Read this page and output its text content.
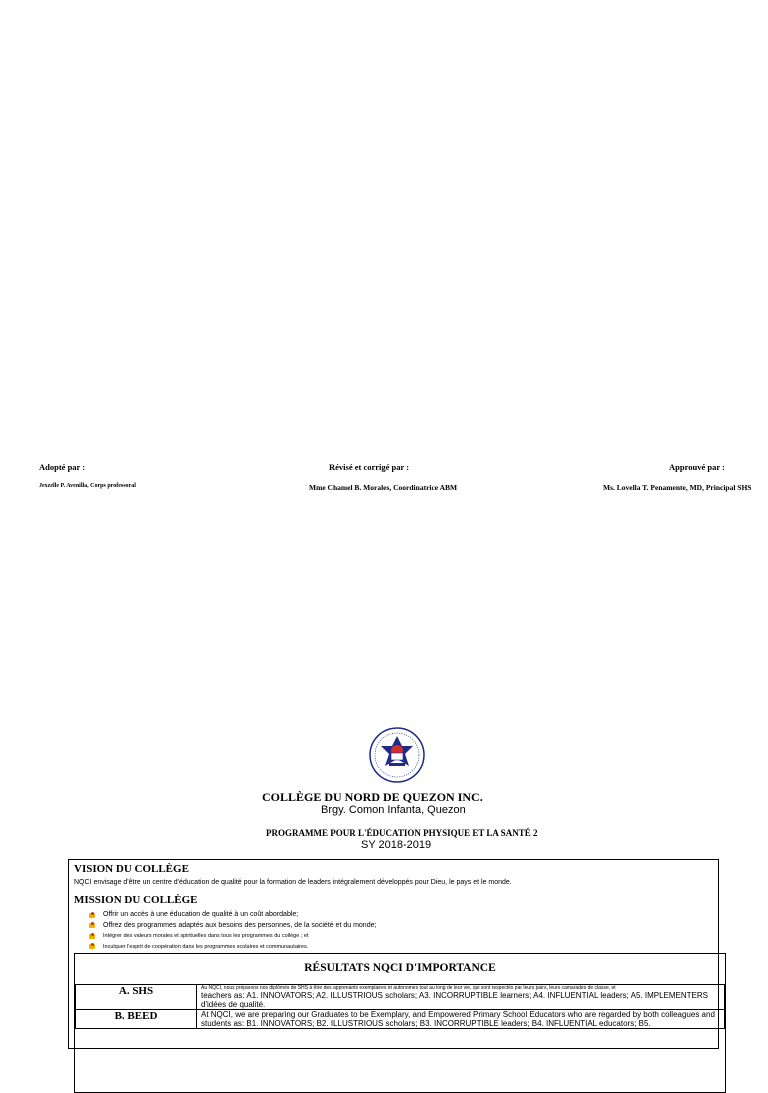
Adopté par :
Jexzelle P. Avenilla, Corps professoral
Révisé et corrigé par :
Mme Chamel B. Morales, Coordinatrice ABM
Approuvé par :
Ms. Lovella T. Penamente, MD, Principal SHS
COLLÈGE DU NORD DE QUEZON INC.
Brgy. Comon Infanta, Quezon
PROGRAMME POUR L'ÉDUCATION PHYSIQUE ET LA SANTÉ 2
SY 2018-2019
VISION DU COLLÈGE
NQCI envisage d'être un centre d'éducation de qualité pour la formation de leaders intégralement développés pour Dieu, le pays et le monde.
MISSION DU COLLÈGE
Offrir un accès à une éducation de qualité à un coût abordable;
Offrez des programmes adaptés aux besoins des personnes, de la société et du monde;
Intégrer des valeurs morales et spirituelles dans tous les programmes du collège ; et
Inculquer l'esprit de coopération dans les programmes scolaires et communautaires.
RÉSULTATS NQCI D'IMPORTANCE
A. SHS	Au NQCI, nous préparons nos diplômés de SHS à être des apprenants exemplaires et autonomes tout au long de leur vie, qui sont respectés par leurs pairs, leurs camarades de classe, et
teachers as: A1. INNOVATORS; A2. ILLUSTRIOUS scholars; A3. INCORRUPTIBLE learners; A4. INFLUENTIAL leaders; A5. IMPLEMENTERS d'idées de qualité.

B. BEED	At NQCI, we are preparing our Graduates to be Exemplary, and Empowered Primary School Educators who are regarded by both colleagues and students as: B1. INNOVATORS; B2. ILLUSTRIOUS scholars; B3. INCORRUPTIBLE leaders; B4. INFLUENTIAL educators; B5.
